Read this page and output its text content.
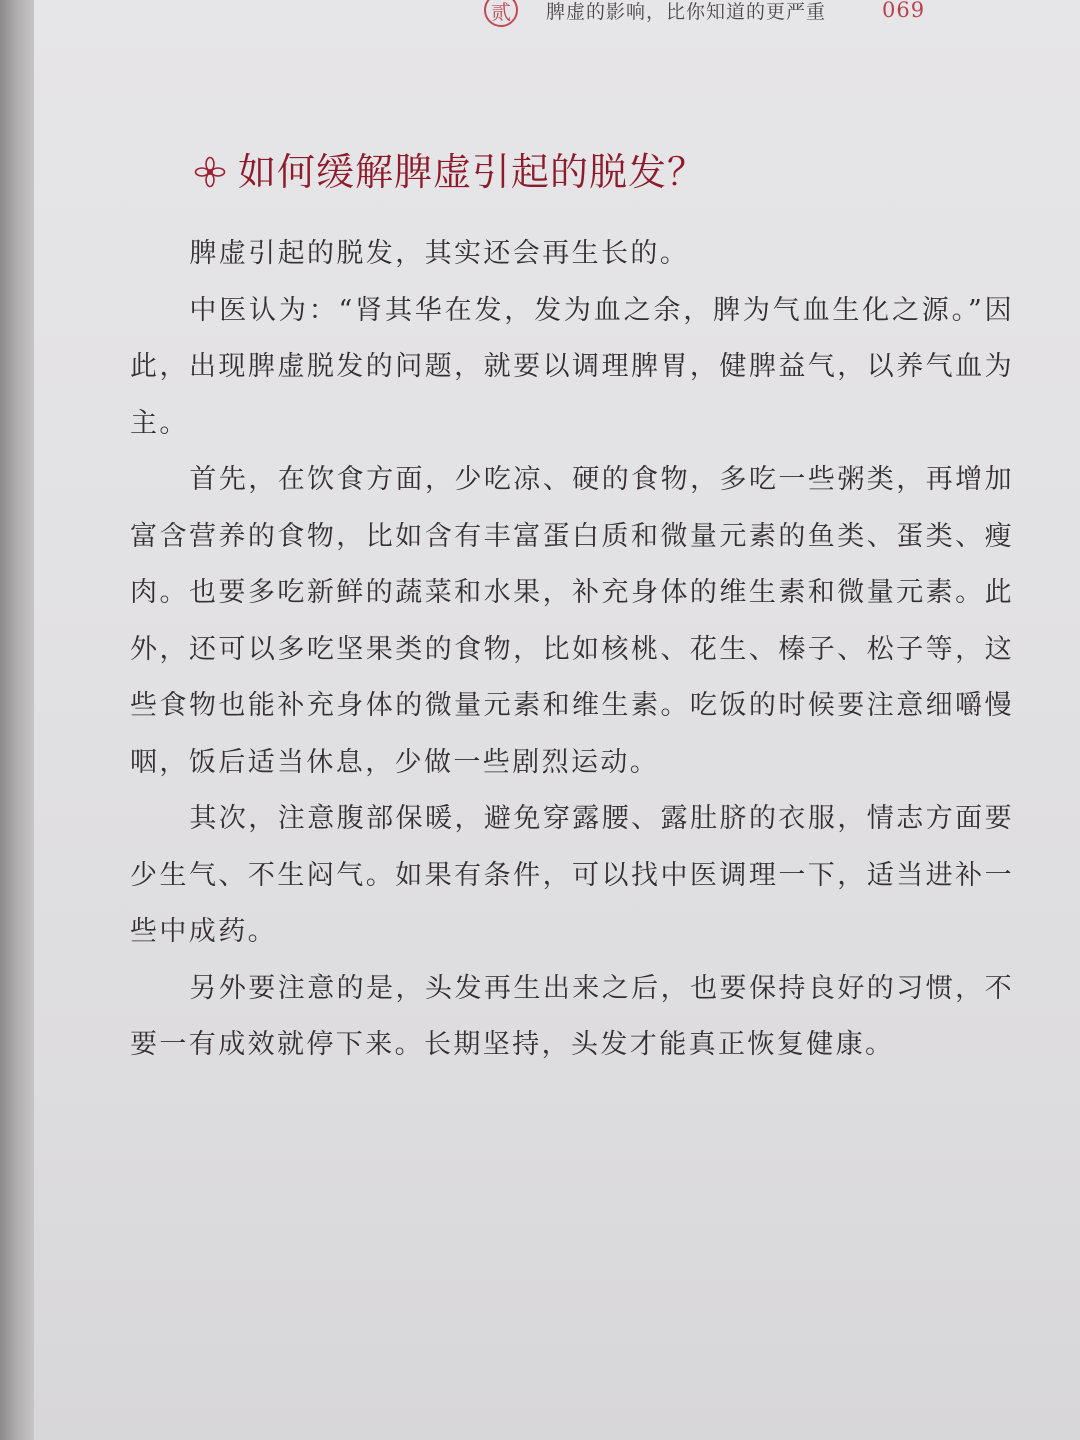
贰	脾虚的影响，比你知道的更严重	069
如何缓解脾虚引起的脱发？

脾虚引起的脱发，其实还会再生长的。

中医认为：“肾其华在发，发为血之余，脾为气血生化之源。”因此，出现脾虚脱发的问题，就要以调理脾胃，健脾益气，以养气血为主。

首先，在饮食方面，少吃凉、硬的食物，多吃一些粥类，再增加富含营养的食物，比如含有丰富蛋白质和微量元素的鱼类、蛋类、瘦肉。也要多吃新鲜的蔬菜和水果，补充身体的维生素和微量元素。此外，还可以多吃坚果类的食物，比如核桃、花生、榛子、松子等，这些食物也能补充身体的微量元素和维生素。吃饭的时候要注意细嚼慢咽，饭后适当休息，少做一些剧烈运动。

其次，注意腹部保暖，避免穿露腰、露肚脐的衣服，情志方面要少生气、不生闷气。如果有条件，可以找中医调理一下，适当进补一些中成药。

另外要注意的是，头发再生出来之后，也要保持良好的习惯，不要一有成效就停下来。长期坚持，头发才能真正恢复健康。
